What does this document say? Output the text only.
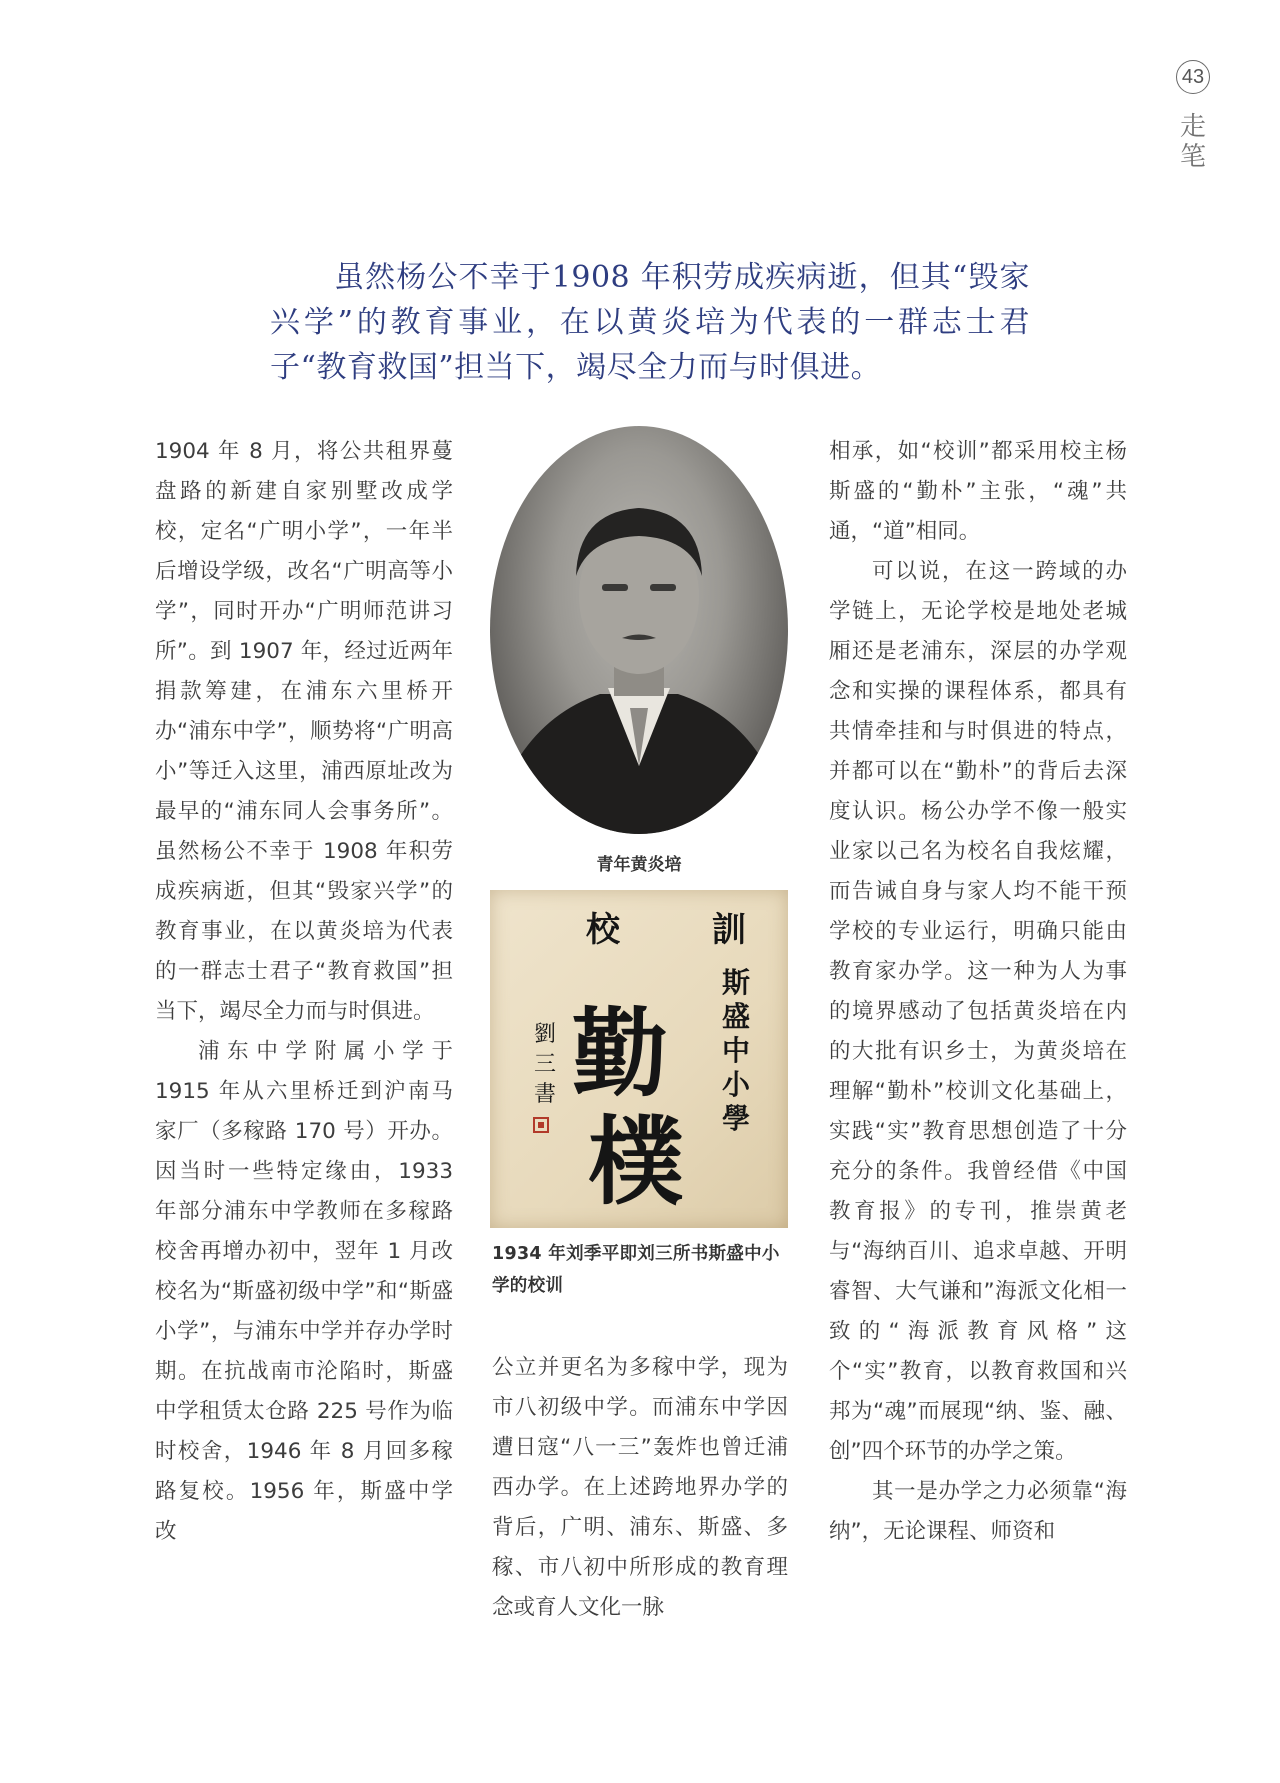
43
走笔
虽然杨公不幸于1908 年积劳成疾病逝，但其“毁家兴学”的教育事业，在以黄炎培为代表的一群志士君子“教育救国”担当下，竭尽全力而与时俱进。

1904 年 8 月，将公共租界蔓盘路的新建自家别墅改成学校，定名“广明小学”，一年半后增设学级，改名“广明高等小学”，同时开办“广明师范讲习所”。到 1907 年，经过近两年捐款筹建，在浦东六里桥开办“浦东中学”，顺势将“广明高小”等迁入这里，浦西原址改为最早的“浦东同人会事务所”。虽然杨公不幸于 1908 年积劳成疾病逝，但其“毁家兴学”的教育事业，在以黄炎培为代表的一群志士君子“教育救国”担当下，竭尽全力而与时俱进。

浦东中学附属小学于 1915 年从六里桥迁到沪南马家厂（多稼路 170 号）开办。因当时一些特定缘由，1933 年部分浦东中学教师在多稼路校舍再增办初中，翌年 1 月改校名为“斯盛初级中学”和“斯盛小学”，与浦东中学并存办学时期。在抗战南市沦陷时，斯盛中学租赁太仓路 225 号作为临时校舍，1946 年 8 月回多稼路复校。1956 年，斯盛中学改

青年黄炎培
校 訓
勤
樸
斯盛中小學
劉三書
1934 年刘季平即刘三所书斯盛中小学的校训

公立并更名为多稼中学，现为市八初级中学。而浦东中学因遭日寇“八一三”轰炸也曾迁浦西办学。在上述跨地界办学的背后，广明、浦东、斯盛、多稼、市八初中所形成的教育理念或育人文化一脉

相承，如“校训”都采用校主杨斯盛的“勤朴”主张，“魂”共通，“道”相同。

可以说，在这一跨域的办学链上，无论学校是地处老城厢还是老浦东，深层的办学观念和实操的课程体系，都具有共情牵挂和与时俱进的特点，并都可以在“勤朴”的背后去深度认识。杨公办学不像一般实业家以己名为校名自我炫耀，而告诫自身与家人均不能干预学校的专业运行，明确只能由教育家办学。这一种为人为事的境界感动了包括黄炎培在内的大批有识乡士，为黄炎培在理解“勤朴”校训文化基础上，实践“实”教育思想创造了十分充分的条件。我曾经借《中国教育报》的专刊，推崇黄老与“海纳百川、追求卓越、开明睿智、大气谦和”海派文化相一致的“海派教育风格”这个“实”教育，以教育救国和兴邦为“魂”而展现“纳、鉴、融、创”四个环节的办学之策。

其一是办学之力必须靠“海纳”，无论课程、师资和
